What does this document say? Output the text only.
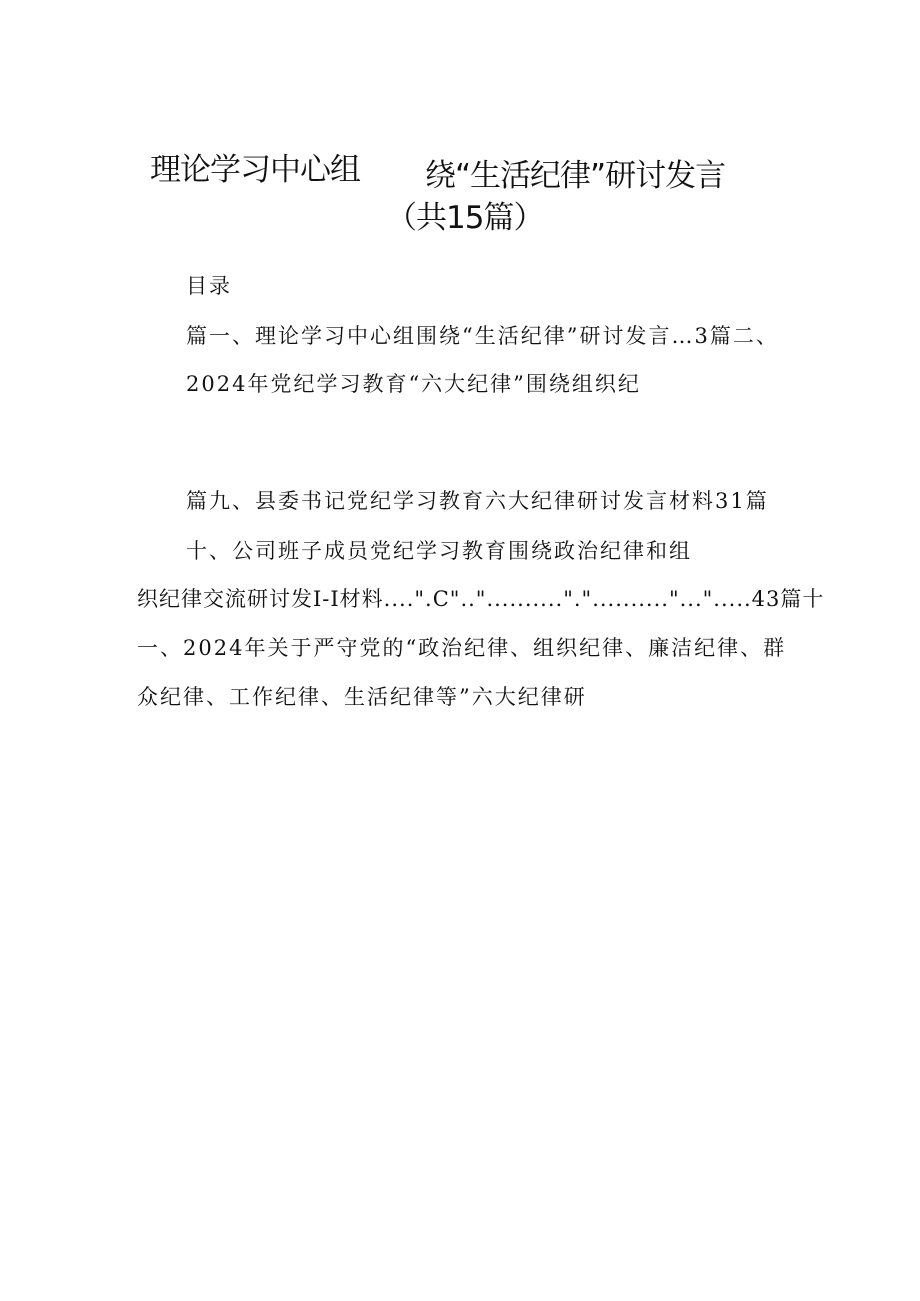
理论学习中心组 绕“生活纪律”研讨发言
（共15篇）
目录
篇一、理论学习中心组围绕“生活纪律”研讨发言…3篇二、
2024年党纪学习教育“六大纪律”围绕组织纪
篇九、县委书记党纪学习教育六大纪律研讨发言材料31篇
十、公司班子成员党纪学习教育围绕政治纪律和组
织纪律交流研讨发I-I材料....".C".."..........".".........."...".....43篇十
一、2024年关于严守党的“政治纪律、组织纪律、廉洁纪律、群
众纪律、工作纪律、生活纪律等”六大纪律研
